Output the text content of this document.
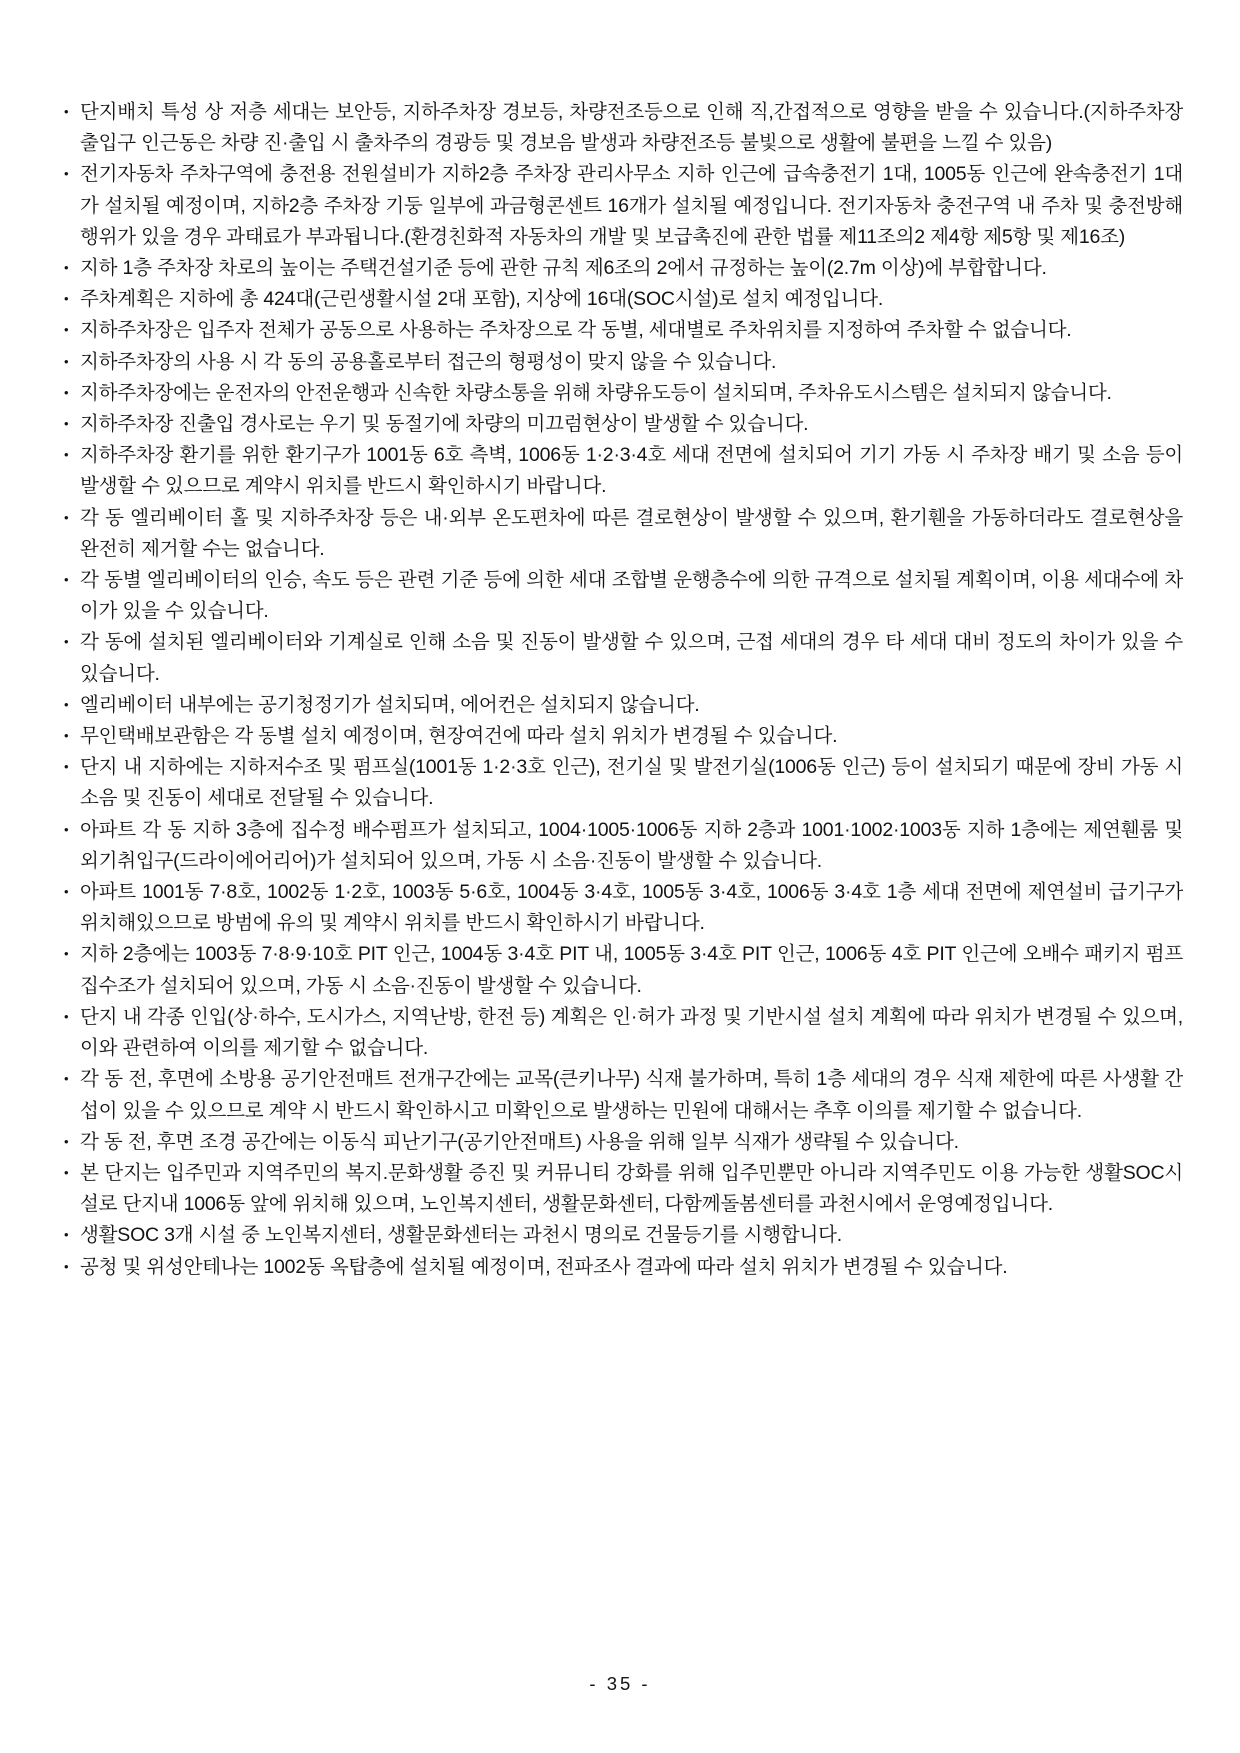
• 단지배치 특성 상 저층 세대는 보안등, 지하주차장 경보등, 차량전조등으로 인해 직,간접적으로 영향을 받을 수 있습니다.(지하주차장 출입구 인근동은 차량 진·출입 시 출차주의 경광등 및 경보음 발생과 차량전조등 불빛으로 생활에 불편을 느낄 수 있음)
• 전기자동차 주차구역에 충전용 전원설비가 지하2층 주차장 관리사무소 지하 인근에 급속충전기 1대, 1005동 인근에 완속충전기 1대가 설치될 예정이며, 지하2층 주차장 기둥 일부에 과금형콘센트 16개가 설치될 예정입니다. 전기자동차 충전구역 내 주차 및 충전방해 행위가 있을 경우 과태료가 부과됩니다.(환경친화적 자동차의 개발 및 보급촉진에 관한 법률 제11조의2 제4항 제5항 및 제16조)
• 지하 1층 주차장 차로의 높이는 주택건설기준 등에 관한 규칙 제6조의 2에서 규정하는 높이(2.7m 이상)에 부합합니다.
• 주차계획은 지하에 총 424대(근린생활시설 2대 포함), 지상에 16대(SOC시설)로 설치 예정입니다.
• 지하주차장은 입주자 전체가 공동으로 사용하는 주차장으로 각 동별, 세대별로 주차위치를 지정하여 주차할 수 없습니다.
• 지하주차장의 사용 시 각 동의 공용홀로부터 접근의 형평성이 맞지 않을 수 있습니다.
• 지하주차장에는 운전자의 안전운행과 신속한 차량소통을 위해 차량유도등이 설치되며, 주차유도시스템은 설치되지 않습니다.
• 지하주차장 진출입 경사로는 우기 및 동절기에 차량의 미끄럼현상이 발생할 수 있습니다.
• 지하주차장 환기를 위한 환기구가 1001동 6호 측벽, 1006동 1·2·3·4호 세대 전면에 설치되어 기기 가동 시 주차장 배기 및 소음 등이 발생할 수 있으므로 계약시 위치를 반드시 확인하시기 바랍니다.
• 각 동 엘리베이터 홀 및 지하주차장 등은 내·외부 온도편차에 따른 결로현상이 발생할 수 있으며, 환기휀을 가동하더라도 결로현상을 완전히 제거할 수는 없습니다.
• 각 동별 엘리베이터의 인승, 속도 등은 관련 기준 등에 의한 세대 조합별 운행층수에 의한 규격으로 설치될 계획이며, 이용 세대수에 차이가 있을 수 있습니다.
• 각 동에 설치된 엘리베이터와 기계실로 인해 소음 및 진동이 발생할 수 있으며, 근접 세대의 경우 타 세대 대비 정도의 차이가 있을 수 있습니다.
• 엘리베이터 내부에는 공기청정기가 설치되며, 에어컨은 설치되지 않습니다.
• 무인택배보관함은 각 동별 설치 예정이며, 현장여건에 따라 설치 위치가 변경될 수 있습니다.
• 단지 내 지하에는 지하저수조 및 펌프실(1001동 1·2·3호 인근), 전기실 및 발전기실(1006동 인근) 등이 설치되기 때문에 장비 가동 시 소음 및 진동이 세대로 전달될 수 있습니다.
• 아파트 각 동 지하 3층에 집수정 배수펌프가 설치되고, 1004·1005·1006동 지하 2층과 1001·1002·1003동 지하 1층에는 제연휀룸 및 외기취입구(드라이에어리어)가 설치되어 있으며, 가동 시 소음·진동이 발생할 수 있습니다.
• 아파트 1001동 7·8호, 1002동 1·2호, 1003동 5·6호, 1004동 3·4호, 1005동 3·4호, 1006동 3·4호 1층 세대 전면에 제연설비 급기구가 위치해있으므로 방범에 유의 및 계약시 위치를 반드시 확인하시기 바랍니다.
• 지하 2층에는 1003동 7·8·9·10호 PIT 인근, 1004동 3·4호 PIT 내, 1005동 3·4호 PIT 인근, 1006동 4호 PIT 인근에 오배수 패키지 펌프 집수조가 설치되어 있으며, 가동 시 소음·진동이 발생할 수 있습니다.
• 단지 내 각종 인입(상·하수, 도시가스, 지역난방, 한전 등) 계획은 인·허가 과정 및 기반시설 설치 계획에 따라 위치가 변경될 수 있으며, 이와 관련하여 이의를 제기할 수 없습니다.
• 각 동 전, 후면에 소방용 공기안전매트 전개구간에는 교목(큰키나무) 식재 불가하며, 특히 1층 세대의 경우 식재 제한에 따른 사생활 간섭이 있을 수 있으므로 계약 시 반드시 확인하시고 미확인으로 발생하는 민원에 대해서는 추후 이의를 제기할 수 없습니다.
• 각 동 전, 후면 조경 공간에는 이동식 피난기구(공기안전매트) 사용을 위해 일부 식재가 생략될 수 있습니다.
• 본 단지는 입주민과 지역주민의 복지.문화생활 증진 및 커뮤니티 강화를 위해 입주민뿐만 아니라 지역주민도 이용 가능한 생활SOC시설로 단지내 1006동 앞에 위치해 있으며, 노인복지센터, 생활문화센터, 다함께돌봄센터를 과천시에서 운영예정입니다.
• 생활SOC 3개 시설 중 노인복지센터, 생활문화센터는 과천시 명의로 건물등기를 시행합니다.
• 공청 및 위성안테나는 1002동 옥탑층에 설치될 예정이며, 전파조사 결과에 따라 설치 위치가 변경될 수 있습니다.
- 35 -
